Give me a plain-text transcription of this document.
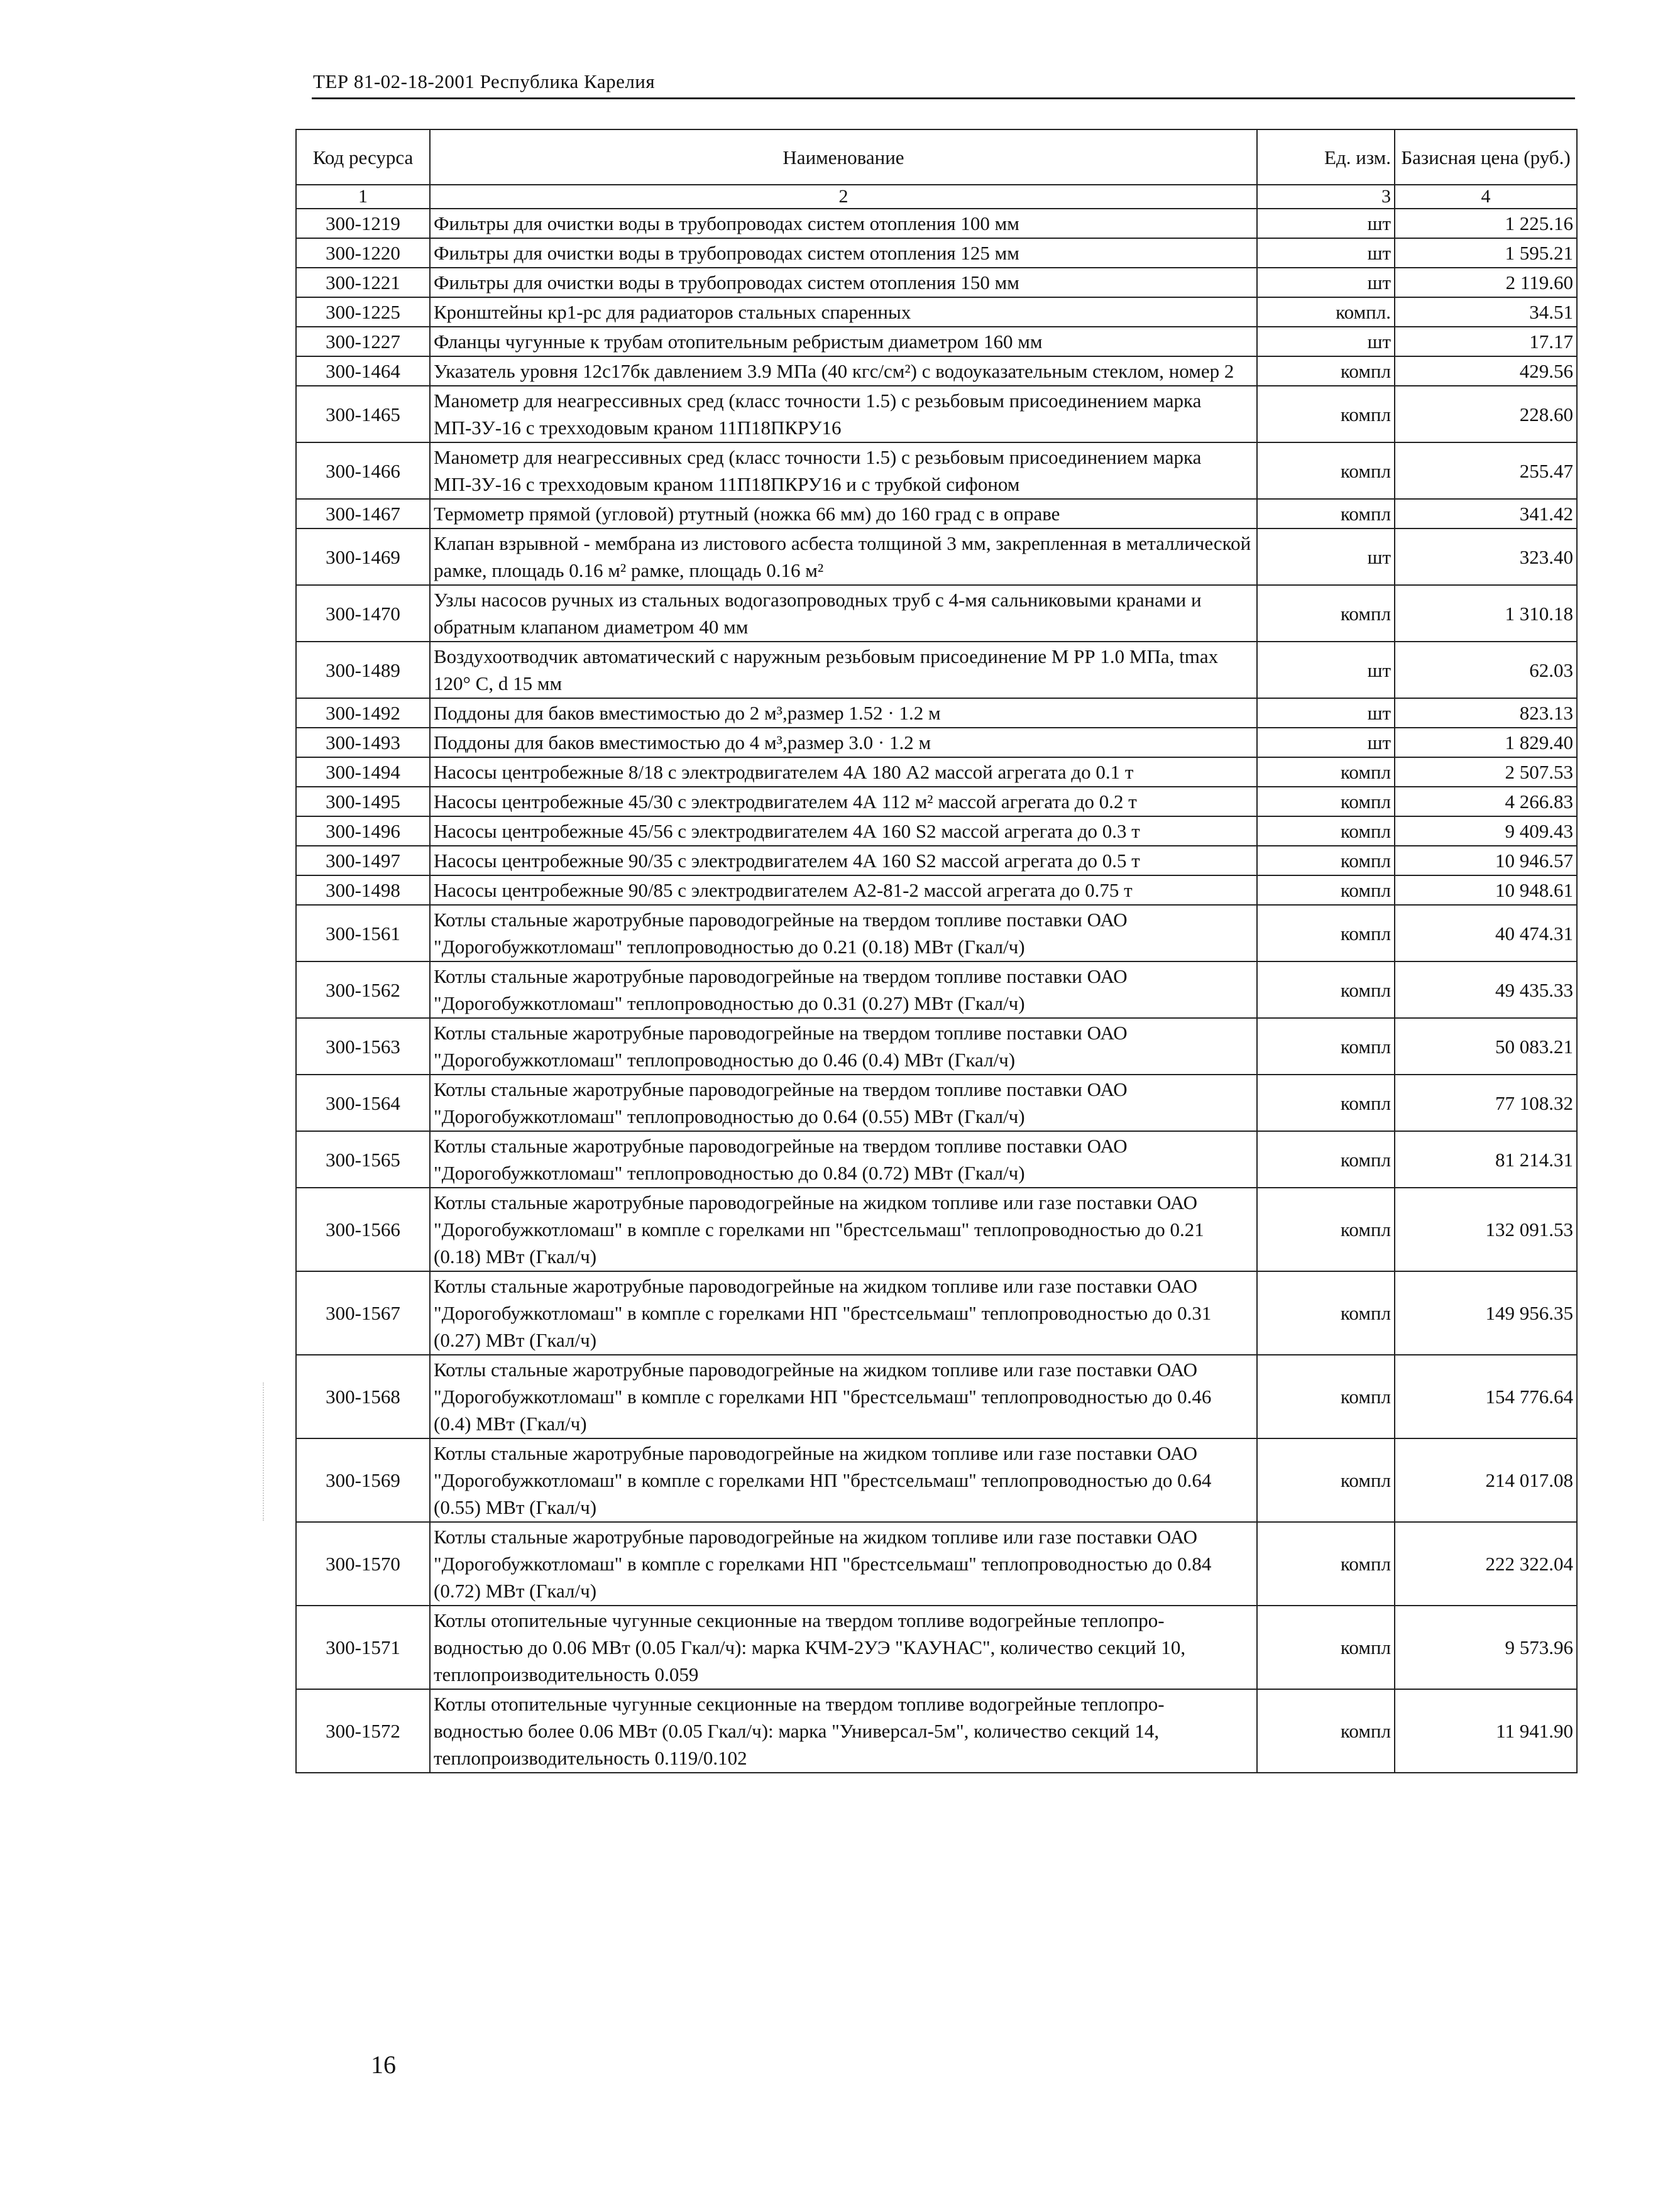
ТЕР 81-02-18-2001 Республика Карелия
Код ресурса	Наименование	Ед. изм.	Базисная цена (руб.)
1	2	3	4
300-1219	Фильтры для очистки воды в трубопроводах систем отопления 100 мм	шт	1 225.16
300-1220	Фильтры для очистки воды в трубопроводах систем отопления 125 мм	шт	1 595.21
300-1221	Фильтры для очистки воды в трубопроводах систем отопления 150 мм	шт	2 119.60
300-1225	Кронштейны кр1-рс для радиаторов стальных спаренных	компл.	34.51
300-1227	Фланцы чугунные к трубам отопительным ребристым диаметром 160 мм	шт	17.17
300-1464	Указатель уровня 12с17бк давлением 3.9 МПа (40 кгс/см²) с водоуказательным стеклом, номер 2	компл	429.56
300-1465	Манометр для неагрессивных сред (класс точности 1.5) с резьбовым присоединением марка МП-3У-16 с трехходовым краном 11П18ПКРУ16	компл	228.60
300-1466	Манометр для неагрессивных сред (класс точности 1.5) с резьбовым присоединением марка МП-3У-16 с трехходовым краном 11П18ПКРУ16 и с трубкой сифоном	компл	255.47
300-1467	Термометр прямой (угловой) ртутный (ножка 66 мм) до 160 град с в оправе	компл	341.42
300-1469	Клапан взрывной - мембрана из листового асбеста толщиной 3 мм, закрепленная в металлической рамке, площадь 0.16 м² рамке, площадь 0.16 м²	шт	323.40
300-1470	Узлы насосов ручных из стальных водогазопроводных труб с 4-мя сальниковыми кранами и обратным клапаном диаметром 40 мм	компл	1 310.18
300-1489	Воздухоотводчик автоматический с наружным резьбовым присоединение М РР 1.0 МПа, tmax 120° С, d 15 мм	шт	62.03
300-1492	Поддоны для баков вместимостью до 2 м³,размер 1.52 · 1.2 м	шт	823.13
300-1493	Поддоны для баков вместимостью до 4 м³,размер 3.0 · 1.2 м	шт	1 829.40
300-1494	Насосы центробежные 8/18 с электродвигателем 4А 180 А2 массой агрегата до 0.1 т	компл	2 507.53
300-1495	Насосы центробежные 45/30 с электродвигателем 4А 112 м² массой агрегата до 0.2 т	компл	4 266.83
300-1496	Насосы центробежные 45/56 с электродвигателем 4А 160 S2 массой агрегата до 0.3 т	компл	9 409.43
300-1497	Насосы центробежные 90/35 с электродвигателем 4А 160 S2 массой агрегата до 0.5 т	компл	10 946.57
300-1498	Насосы центробежные 90/85 с электродвигателем А2-81-2 массой агрегата до 0.75 т	компл	10 948.61
300-1561	Котлы стальные жаротрубные пароводогрейные на твердом топливе поставки ОАО "Дорогобужкотломаш" теплопроводностью до 0.21 (0.18) МВт (Гкал/ч)	компл	40 474.31
300-1562	Котлы стальные жаротрубные пароводогрейные на твердом топливе поставки ОАО "Дорогобужкотломаш" теплопроводностью до 0.31 (0.27) МВт (Гкал/ч)	компл	49 435.33
300-1563	Котлы стальные жаротрубные пароводогрейные на твердом топливе поставки ОАО "Дорогобужкотломаш" теплопроводностью до 0.46 (0.4) МВт (Гкал/ч)	компл	50 083.21
300-1564	Котлы стальные жаротрубные пароводогрейные на твердом топливе поставки ОАО "Дорогобужкотломаш" теплопроводностью до 0.64 (0.55) МВт (Гкал/ч)	компл	77 108.32
300-1565	Котлы стальные жаротрубные пароводогрейные на твердом топливе поставки ОАО "Дорогобужкотломаш" теплопроводностью до 0.84 (0.72) МВт (Гкал/ч)	компл	81 214.31
300-1566	Котлы стальные жаротрубные пароводогрейные на жидком топливе или газе поставки ОАО "Дорогобужкотломаш" в компле с горелками нп "брестсельмаш" теплопроводностью до 0.21 (0.18) МВт (Гкал/ч)	компл	132 091.53
300-1567	Котлы стальные жаротрубные пароводогрейные на жидком топливе или газе поставки ОАО "Дорогобужкотломаш" в компле с горелками НП "брестсельмаш" теплопроводностью до 0.31 (0.27) МВт (Гкал/ч)	компл	149 956.35
300-1568	Котлы стальные жаротрубные пароводогрейные на жидком топливе или газе поставки ОАО "Дорогобужкотломаш" в компле с горелками НП "брестсельмаш" теплопроводностью до 0.46 (0.4) МВт (Гкал/ч)	компл	154 776.64
300-1569	Котлы стальные жаротрубные пароводогрейные на жидком топливе или газе поставки ОАО "Дорогобужкотломаш" в компле с горелками НП "брестсельмаш" теплопроводностью до 0.64 (0.55) МВт (Гкал/ч)	компл	214 017.08
300-1570	Котлы стальные жаротрубные пароводогрейные на жидком топливе или газе поставки ОАО "Дорогобужкотломаш" в компле с горелками НП "брестсельмаш" теплопроводностью до 0.84 (0.72) МВт (Гкал/ч)	компл	222 322.04
300-1571	Котлы отопительные чугунные секционные на твердом топливе водогрейные теплопро-водностью до 0.06 МВт (0.05 Гкал/ч): марка КЧМ-2УЭ "КАУНАС", количество секций 10, теплопроизводительность 0.059	компл	9 573.96
300-1572	Котлы отопительные чугунные секционные на твердом топливе водогрейные теплопро-водностью более 0.06 МВт (0.05 Гкал/ч): марка "Универсал-5м", количество секций 14, теплопроизводительность 0.119/0.102	компл	11 941.90
16
